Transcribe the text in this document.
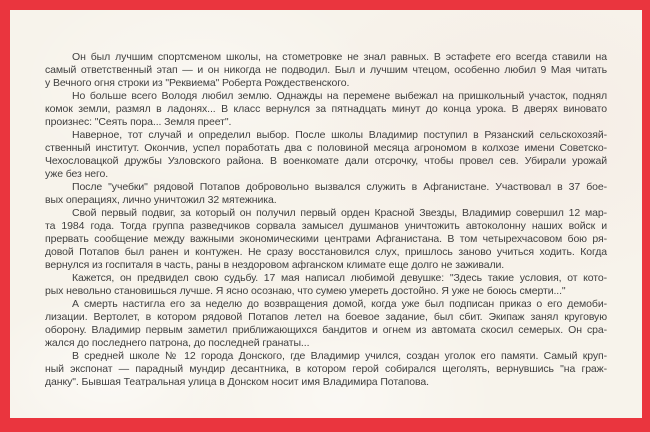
Он был лучшим спортсменом школы, на стометровке не знал равных. В эстафете его всегда ставили на
самый ответственный этап — и он никогда не подводил. Был и лучшим чтецом, особенно любил 9 Мая читать
у Вечного огня строки из "Реквиема" Роберта Рождественского.
Но больше всего Володя любил землю. Однажды на перемене выбежал на пришкольный участок, поднял
комок земли, размял в ладонях... В класс вернулся за пятнадцать минут до конца урока. В дверях виновато
произнес: "Сеять пора... Земля преет".
Наверное, тот случай и определил выбор. После школы Владимир поступил в Рязанский сельскохозяй-
ственный институт. Окончив, успел поработать два с половиной месяца агрономом в колхозе имени Советско-
Чехословацкой дружбы Узловского района. В военкомате дали отсрочку, чтобы провел сев. Убирали урожай
уже без него.
После "учебки" рядовой Потапов добровольно вызвался служить в Афганистане. Участвовал в 37 бое-
вых операциях, лично уничтожил 32 мятежника.
Свой первый подвиг, за который он получил первый орден Красной Звезды, Владимир совершил 12 мар-
та 1984 года. Тогда группа разведчиков сорвала замысел душманов уничтожить автоколонну наших войск и
прервать сообщение между важными экономическими центрами Афганистана. В том четырехчасовом бою ря-
довой Потапов был ранен и контужен. Не сразу восстановился слух, пришлось заново учиться ходить. Когда
вернулся из госпиталя в часть, раны в нездоровом афганском климате еще долго не заживали.
Кажется, он предвидел свою судьбу. 17 мая написал любимой девушке: "Здесь такие условия, от кото-
рых невольно становишься лучше. Я ясно осознаю, что сумею умереть достойно. Я уже не боюсь смерти..."
А смерть настигла его за неделю до возвращения домой, когда уже был подписан приказ о его демоби-
лизации. Вертолет, в котором рядовой Потапов летел на боевое задание, был сбит. Экипаж занял круговую
оборону. Владимир первым заметил приближающихся бандитов и огнем из автомата скосил семерых. Он сра-
жался до последнего патрона, до последней гранаты...
В средней школе № 12 города Донского, где Владимир учился, создан уголок его памяти. Самый круп-
ный экспонат — парадный мундир десантника, в котором герой собирался щеголять, вернувшись "на граж-
данку". Бывшая Театральная улица в Донском носит имя Владимира Потапова.
